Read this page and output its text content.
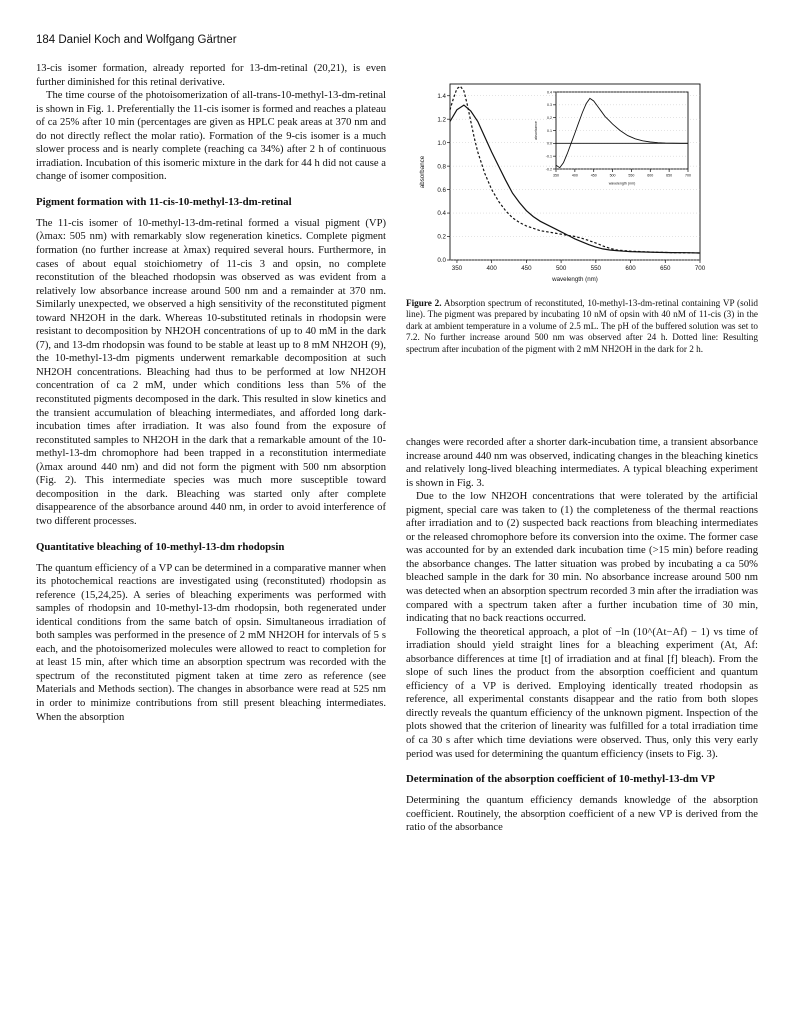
184 Daniel Koch and Wolfgang Gärtner

13-cis isomer formation, already reported for 13-dm-retinal (20,21), is even further diminished for this retinal derivative.

The time course of the photoisomerization of all-trans-10-methyl-13-dm-retinal is shown in Fig. 1. Preferentially the 11-cis isomer is formed and reaches a plateau of ca 25% after 10 min (percentages are given as HPLC peak areas at 370 nm and do not directly reflect the molar ratio). Formation of the 9-cis isomer is a much slower process and is nearly complete (reaching ca 34%) after 2 h of continuous irradiation. Incubation of this isomeric mixture in the dark for 44 h did not cause a change of isomer composition.

Pigment formation with 11-cis-10-methyl-13-dm-retinal

The 11-cis isomer of 10-methyl-13-dm-retinal formed a visual pigment (VP) (λmax: 505 nm) with remarkably slow regeneration kinetics. Complete pigment formation (no further increase at λmax) required several hours. Furthermore, in cases of about equal stoichiometry of 11-cis 3 and opsin, no complete reconstitution of the bleached rhodopsin was observed as was evident from a relatively low absorbance increase around 500 nm and a remainder at 370 nm. Similarly unexpected, we observed a high sensitivity of the reconstituted pigment toward NH2OH in the dark. Whereas 10-substituted retinals in rhodopsin were resistant to decomposition by NH2OH concentrations of up to 40 mM in the dark (7), and 13-dm rhodopsin was found to be stable at least up to 8 mM NH2OH (9), the 10-methyl-13-dm pigments underwent remarkable decomposition at such NH2OH concentrations. Bleaching had thus to be performed at low NH2OH concentration of ca 2 mM, under which conditions less than 5% of the reconstituted pigments decomposed in the dark. This resulted in slow kinetics and the transient accumulation of bleaching intermediates, and afforded long dark-incubation times after irradiation. It was also found from the exposure of reconstituted samples to NH2OH in the dark that a remarkable amount of the 10-methyl-13-dm chromophore had been trapped in a reconstitution intermediate (λmax around 440 nm) and did not form the pigment with 500 nm absorption (Fig. 2). This intermediate species was much more susceptible toward decomposition in the dark. Bleaching was started only after complete disappearence of the absorbance around 440 nm, in order to avoid interference of two different processes.

Quantitative bleaching of 10-methyl-13-dm rhodopsin

The quantum efficiency of a VP can be determined in a comparative manner when its photochemical reactions are investigated using (reconstituted) rhodopsin as reference (15,24,25). A series of bleaching experiments was performed with samples of rhodopsin and 10-methyl-13-dm rhodopsin, both regenerated under identical conditions from the same batch of opsin. Simultaneous irradiation of both samples was performed in the presence of 2 mM NH2OH for intervals of 5 s each, and the photoisomerized molecules were allowed to react to completion for at least 15 min, after which time an absorption spectrum was recorded with the spectrum of the reconstituted pigment taken at time zero as reference (see Materials and Methods section). The changes in absorbance were read at 525 nm in order to minimize contributions from still present bleaching intermediates. When the absorption

0.0
0.2
0.4
0.6
0.8
1.0
1.2
1.4
350	400	450	500	550	600	650	700
wavelength (nm)
absorbance	-0.2
-0.1
0.0
0.1
0.2
0.3
0.4
350	400	450	500	550	600	650	700
wavelength (nm)
absorbance
Figure 2. Absorption spectrum of reconstituted, 10-methyl-13-dm-retinal containing VP (solid line). The pigment was prepared by incubating 10 nM of opsin with 40 nM of 11-cis (3) in the dark at ambient temperature in a volume of 2.5 mL. The pH of the buffered solution was set to 7.2. No further increase around 500 nm was observed after 24 h. Dotted line: Resulting spectrum after incubation of the pigment with 2 mM NH2OH in the dark for 2 h.

changes were recorded after a shorter dark-incubation time, a transient absorbance increase around 440 nm was observed, indicating changes in the bleaching kinetics and relatively long-lived bleaching intermediates. A typical bleaching experiment is shown in Fig. 3.

Due to the low NH2OH concentrations that were tolerated by the artificial pigment, special care was taken to (1) the completeness of the thermal reactions after irradiation and to (2) suspected back reactions from bleaching intermediates or the released chromophore before its conversion into the oxime. The former case was accounted for by an extended dark incubation time (>15 min) before reading the absorbance changes. The latter situation was probed by incubating a ca 50% bleached sample in the dark for 30 min. No absorbance increase around 500 nm was detected when an absorption spectrum recorded 3 min after the irradiation was compared with a spectrum taken after a further incubation time of 30 min, indicating that no back reactions occurred.

Following the theoretical approach, a plot of −ln (10^(At−Af) − 1) vs time of irradiation should yield straight lines for a bleaching experiment (At, Af: absorbance differences at time [t] of irradiation and at final [f] bleach). From the slope of such lines the product from the absorption coefficient and quantum efficiency of a VP is derived. Employing identically treated rhodopsin as reference, all experimental constants disappear and the ratio from both slopes directly reveals the quantum efficiency of the unknown pigment. Inspection of the plots showed that the criterion of linearity was fulfilled for a total irradiation time of ca 30 s after which time deviations were observed. Thus, only this very early period was used for determining the quantum efficiency (insets to Fig. 3).

Determination of the absorption coefficient of 10-methyl-13-dm VP

Determining the quantum efficiency demands knowledge of the absorption coefficient. Routinely, the absorption coefficient of a new VP is derived from the ratio of the absorbance
